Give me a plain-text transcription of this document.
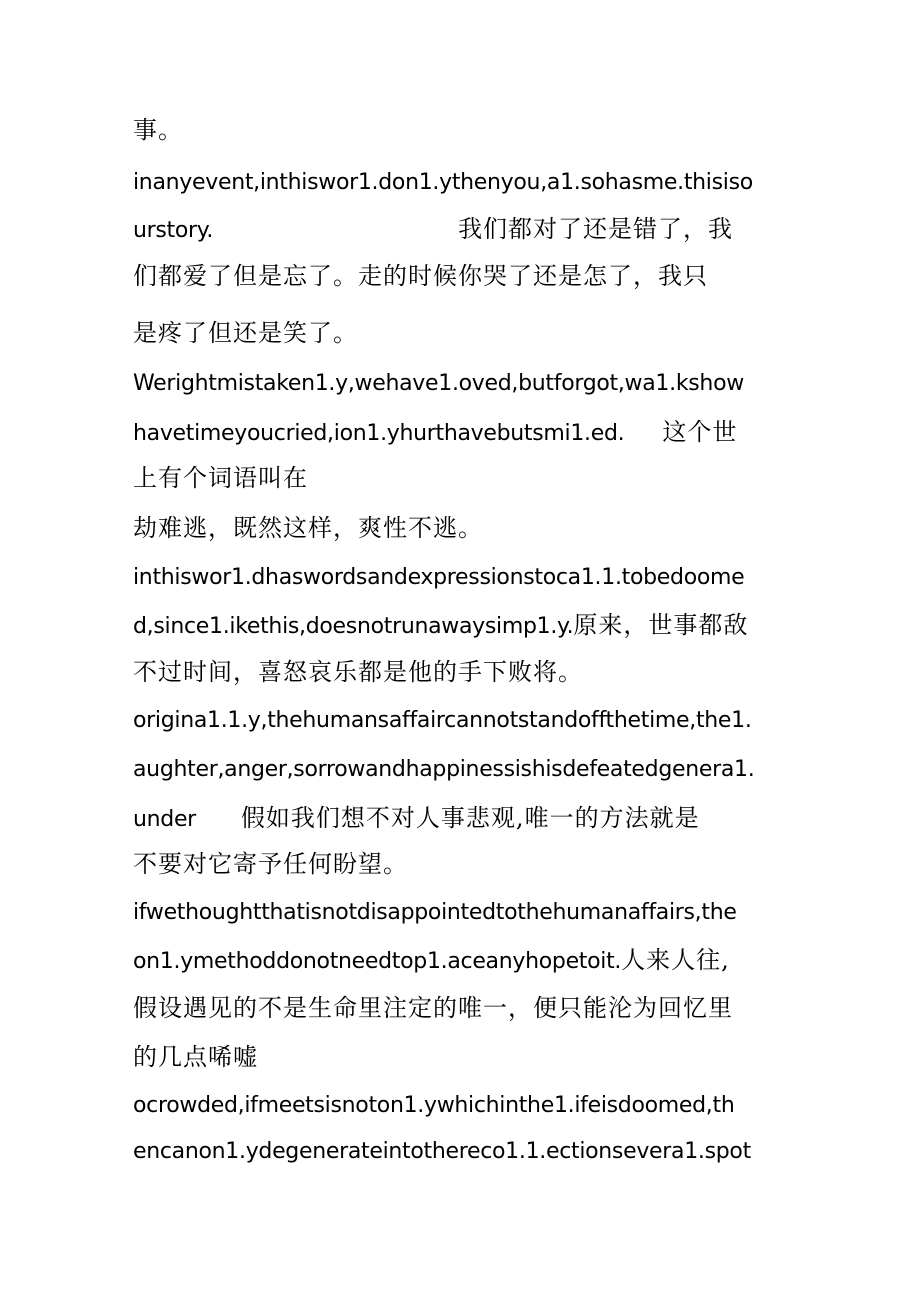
事。

inanyevent,inthiswor1.don1.ythenyou,a1.sohasme.thisiso

urstory.	我们都对了还是错了，我

们都爱了但是忘了。走的时候你哭了还是怎了，我只

是疼了但还是笑了。

Werightmistaken1.y,wehave1.oved,butforgot,wa1.kshow

havetimeyoucried,ion1.yhurthavebutsmi1.ed. 这个世

上有个词语叫在

劫难逃，既然这样，爽性不逃。

inthiswor1.dhaswordsandexpressionstoca1.1.tobedoome

d,since1.ikethis,doesnotrunawaysimp1.y.原来，世事都敌

不过时间，喜怒哀乐都是他的手下败将。

origina1.1.y,thehumansaffaircannotstandoffthetime,the1.

aughter,anger,sorrowandhappinessishisdefeatedgenera1.

under 假如我们想不对人事悲观,唯一的方法就是

不要对它寄予任何盼望。

ifwethoughtthatisnotdisappointedtothehumanaffairs,the

on1.ymethoddonotneedtop1.aceanyhopetoit.人来人往,

假设遇见的不是生命里注定的唯一，便只能沦为回忆里

的几点唏嘘

ocrowded,ifmeetsisnoton1.ywhichinthe1.ifeisdoomed,th

encanon1.ydegenerateintothereco1.1.ectionsevera1.spot
